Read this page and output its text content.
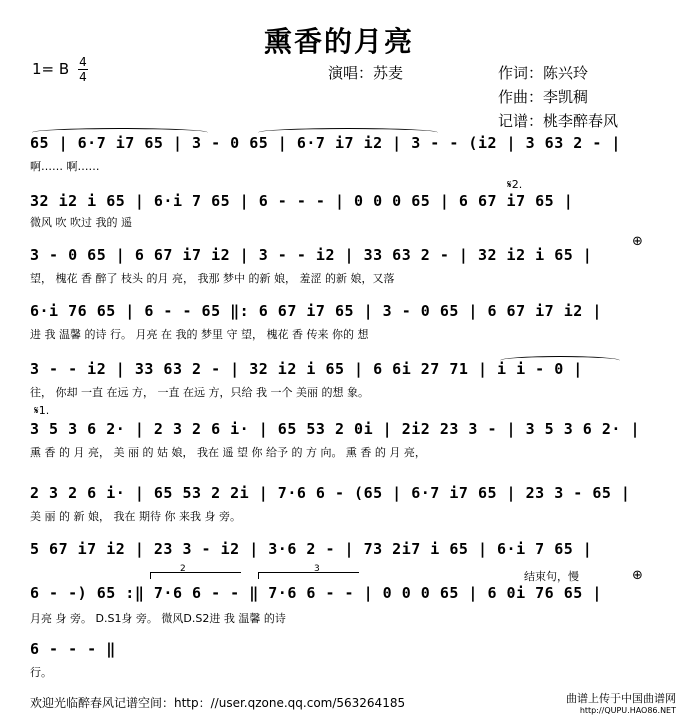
熏香的月亮
1= B 4
4	演唱：苏麦	作词：陈兴玲
作曲：李凯稠
记谱：桃李醉春风
65 | 6·7 i7 65 | 3 - 0 65 | 6·7 i7 i2 | 3 - - (i2 | 3 63 2 - |
啊…… 啊……
32 i2 i 65 | 6·i 7 65 | 6 - - - | 0 0 0 65 | 6 67 i7 65 |
微风 吹 吹过 我的 遥
3 - 0 65 | 6 67 i7 i2 | 3 - - i2 | 33 63 2 - | 32 i2 i 65 |
望， 槐花 香 醉了 枝头 的月 亮， 我那 梦中 的新 娘， 羞涩 的新 娘，又落
6·i 76 65 | 6 - - 65 ‖: 6 67 i7 65 | 3 - 0 65 | 6 67 i7 i2 |
进 我 温馨 的诗 行。 月亮 在 我的 梦里 守 望， 槐花 香 传来 你的 想
3 - - i2 | 33 63 2 - | 32 i2 i 65 | 6 6i 27 71 | i i - 0 |
往， 你却 一直 在远 方， 一直 在远 方，只给 我 一个 美丽 的想 象。
3 5 3 6 2· | 2 3 2 6 i· | 65 53 2 0i | 2i2 23 3 - | 3 5 3 6 2· |
熏 香 的 月 亮， 美 丽 的 姑 娘， 我在 遥 望 你 给予 的 方 向。 熏 香 的 月 亮，
2 3 2 6 i· | 65 53 2 2i | 7·6 6 - (65 | 6·7 i7 65 | 23 3 - 65 |
美 丽 的 新 娘， 我在 期待 你 来我 身 旁。
5 67 i7 i2 | 23 3 - i2 | 3·6 2 - | 73 2i7 i 65 | 6·i 7 65 |
6 - -) 65 :‖ 7·6 6 - - ‖ 7·6 6 - - | 0 0 0 65 | 6 0i 76 65 |
月亮 身 旁。 D.S1身 旁。 微风D.S2进 我 温馨 的诗
6 - - - ‖
行。
𝄋2.
𝄋1.
⊕
⊕
结束句，慢
2	3
欢迎光临醉春风记谱空间：http：//user.qzone.qq.com/563264185	曲谱上传于中国曲谱网
http://QUPU.HAO86.NET
